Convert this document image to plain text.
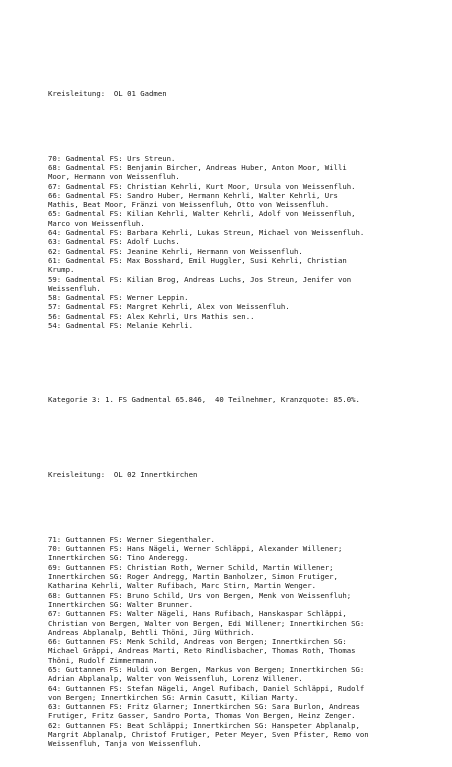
Kreisleitung:  OL 01 Gadmen

70: Gadmental FS: Urs Streun.
68: Gadmental FS: Benjamin Bircher, Andreas Huber, Anton Moor, Willi
Moor, Hermann von Weissenfluh.
67: Gadmental FS: Christian Kehrli, Kurt Moor, Ursula von Weissenfluh.
66: Gadmental FS: Sandro Huber, Hermann Kehrli, Walter Kehrli, Urs
Mathis, Beat Moor, Fränzi von Weissenfluh, Otto von Weissenfluh.
65: Gadmental FS: Kilian Kehrli, Walter Kehrli, Adolf von Weissenfluh,
Marco von Weissenfluh.
64: Gadmental FS: Barbara Kehrli, Lukas Streun, Michael von Weissenfluh.
63: Gadmental FS: Adolf Luchs.
62: Gadmental FS: Jeanine Kehrli, Hermann von Weissenfluh.
61: Gadmental FS: Max Bosshard, Emil Huggler, Susi Kehrli, Christian
Krump.
59: Gadmental FS: Kilian Brog, Andreas Luchs, Jos Streun, Jenifer von
Weissenfluh.
58: Gadmental FS: Werner Leppin.
57: Gadmental FS: Margret Kehrli, Alex von Weissenfluh.
56: Gadmental FS: Alex Kehrli, Urs Mathis sen..
54: Gadmental FS: Melanie Kehrli.

Kategorie 3: 1. FS Gadmental 65.846,  40 Teilnehmer, Kranzquote: 85.0%.

Kreisleitung:  OL 02 Innertkirchen

71: Guttannen FS: Werner Siegenthaler.
70: Guttannen FS: Hans Nägeli, Werner Schläppi, Alexander Willener;
Innertkirchen SG: Tino Anderegg.
69: Guttannen FS: Christian Roth, Werner Schild, Martin Willener;
Innertkirchen SG: Roger Andregg, Martin Banholzer, Simon Frutiger,
Katharina Kehrli, Walter Rufibach, Marc Stirn, Martin Wenger.
68: Guttannen FS: Bruno Schild, Urs von Bergen, Menk von Weissenfluh;
Innertkirchen SG: Walter Brunner.
67: Guttannen FS: Walter Nägeli, Hans Rufibach, Hanskaspar Schläppi,
Christian von Bergen, Walter von Bergen, Edi Willener; Innertkirchen SG:
Andreas Abplanalp, Behtli Thöni, Jürg Wüthrich.
66: Guttannen FS: Menk Schild, Andreas von Bergen; Innertkirchen SG:
Michael Gräppi, Andreas Marti, Reto Rindlisbacher, Thomas Roth, Thomas
Thöni, Rudolf Zimmermann.
65: Guttannen FS: Huldi von Bergen, Markus von Bergen; Innertkirchen SG:
Adrian Abplanalp, Walter von Weissenfluh, Lorenz Willener.
64: Guttannen FS: Stefan Nägeli, Angel Rufibach, Daniel Schläppi, Rudolf
von Bergen; Innertkirchen SG: Armin Casutt, Kilian Marty.
63: Guttannen FS: Fritz Glarner; Innertkirchen SG: Sara Burlon, Andreas
Frutiger, Fritz Gasser, Sandro Porta, Thomas Von Bergen, Heinz Zenger.
62: Guttannen FS: Beat Schläppi; Innertkirchen SG: Hanspeter Abplanalp,
Margrit Abplanalp, Christof Frutiger, Peter Meyer, Sven Pfister, Remo von
Weissenfluh, Tanja von Weissenfluh.
